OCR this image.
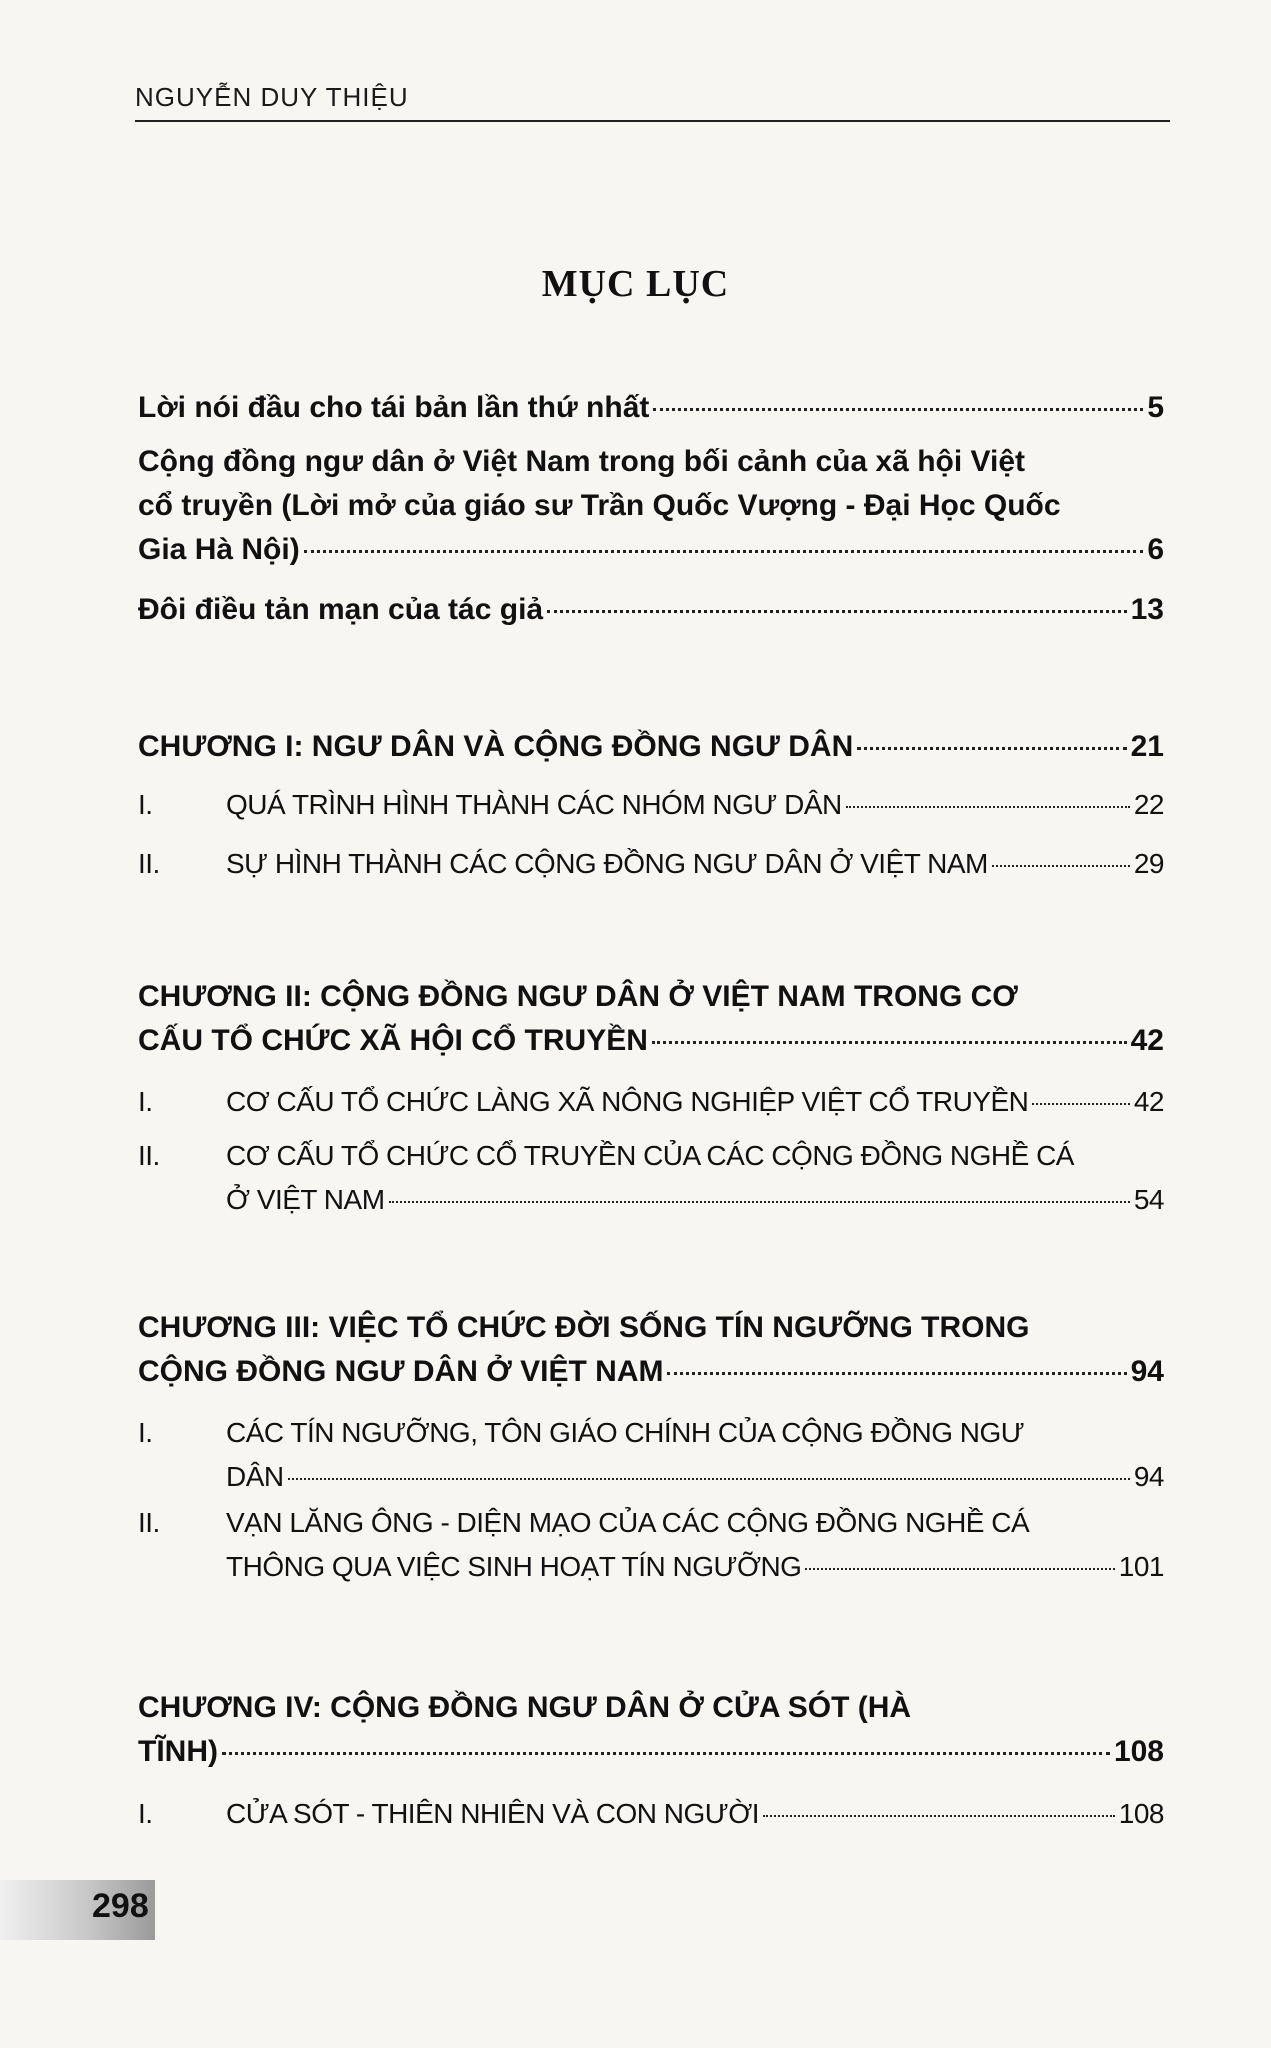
NGUYỄN DUY THIỆU
MỤC LỤC
Lời nói đầu cho tái bản lần thứ nhất	5
Cộng đồng ngư dân ở Việt Nam trong bối cảnh của xã hội Việt
cổ truyền (Lời mở của giáo sư Trần Quốc Vượng - Đại Học Quốc
Gia Hà Nội)	6
Đôi điều tản mạn của tác giả	13
CHƯƠNG I: NGƯ DÂN VÀ CỘNG ĐỒNG NGƯ DÂN	21
I.	QUÁ TRÌNH HÌNH THÀNH CÁC NHÓM NGƯ DÂN	22
II.	SỰ HÌNH THÀNH CÁC CỘNG ĐỒNG NGƯ DÂN Ở VIỆT NAM	29
CHƯƠNG II: CỘNG ĐỒNG NGƯ DÂN Ở VIỆT NAM TRONG CƠ
CẤU TỔ CHỨC XÃ HỘI CỔ TRUYỀN	42
I.	CƠ CẤU TỔ CHỨC LÀNG XÃ NÔNG NGHIỆP VIỆT CỔ TRUYỀN	42
II.	CƠ CẤU TỔ CHỨC CỔ TRUYỀN CỦA CÁC CỘNG ĐỒNG NGHỀ CÁ
Ở VIỆT NAM	54
CHƯƠNG III: VIỆC TỔ CHỨC ĐỜI SỐNG TÍN NGƯỠNG TRONG
CỘNG ĐỒNG NGƯ DÂN Ở VIỆT NAM	94
I.	CÁC TÍN NGƯỠNG, TÔN GIÁO CHÍNH CỦA CỘNG ĐỒNG NGƯ
DÂN	94
II.	VẠN LĂNG ÔNG - DIỆN MẠO CỦA CÁC CỘNG ĐỒNG NGHỀ CÁ
THÔNG QUA VIỆC SINH HOẠT TÍN NGƯỠNG	101
CHƯƠNG IV: CỘNG ĐỒNG NGƯ DÂN Ở CỬA SÓT (HÀ
TĨNH)	108
I.	CỬA SÓT - THIÊN NHIÊN VÀ CON NGƯỜI	108
298
